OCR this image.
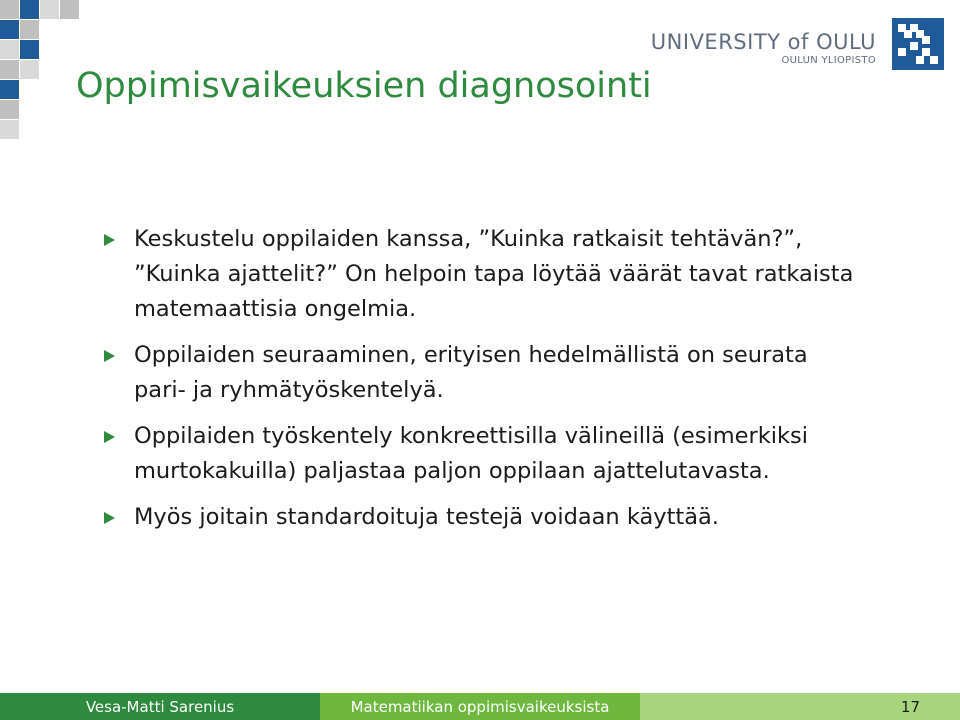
Oppimisvaikeuksien diagnosointi
UNIVERSITY of OULU
OULUN YLIOPISTO
Keskustelu oppilaiden kanssa, ”Kuinka ratkaisit tehtävän?”, ”Kuinka ajattelit?” On helpoin tapa löytää väärät tavat ratkaista matemaattisia ongelmia.
Oppilaiden seuraaminen, erityisen hedelmällistä on seurata pari- ja ryhmätyöskentelyä.
Oppilaiden työskentely konkreettisilla välineillä (esimerkiksi murtokakuilla) paljastaa paljon oppilaan ajattelutavasta.
Myös joitain standardoituja testejä voidaan käyttää.
Vesa-Matti Sarenius	Matematiikan oppimisvaikeuksista	17
